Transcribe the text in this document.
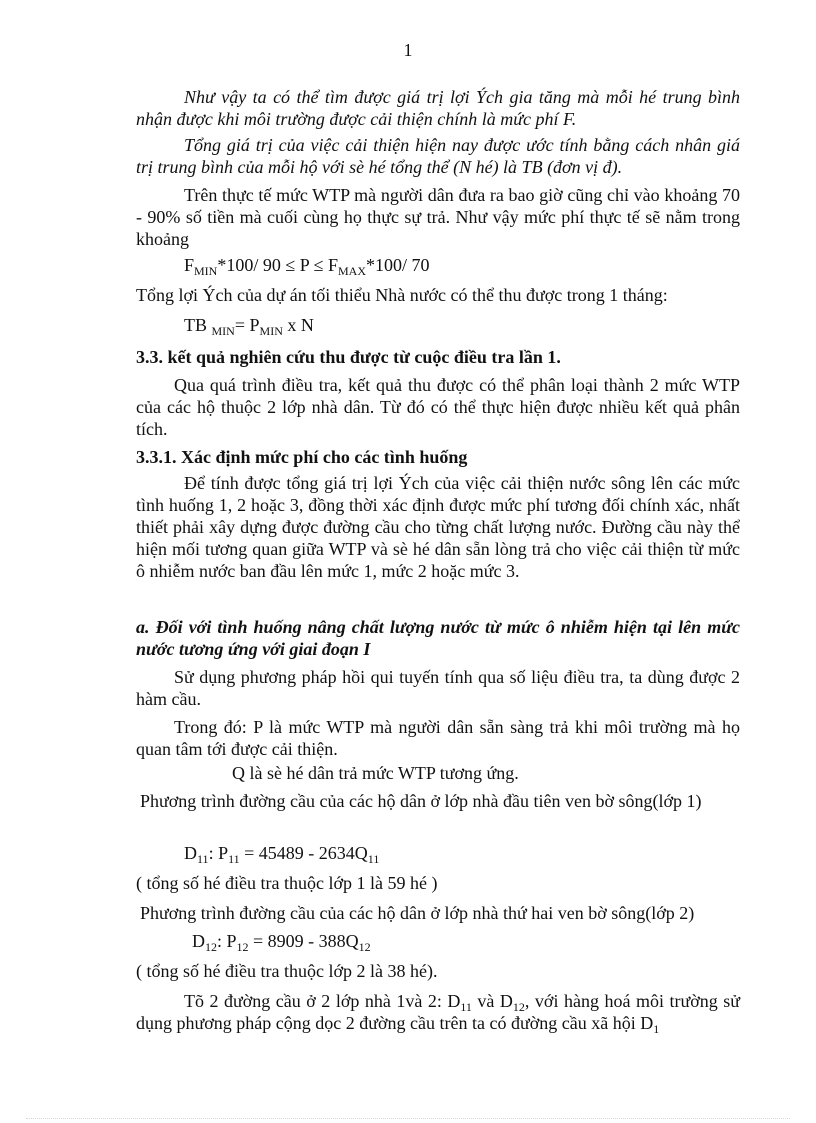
1

Như vậy ta có thể tìm được giá trị lợi Ých gia tăng mà mỗi hé trung bình nhận được khi môi trường được cải thiện chính là mức phí F.

Tổng giá trị của việc cải thiện hiện nay được ước tính bằng cách nhân giá trị trung bình của mỗi hộ với sè hé tổng thể (N hé) là TB (đơn vị đ).

Trên thực tế mức WTP mà người dân đưa ra bao giờ cũng chỉ vào khoảng 70 - 90% số tiền mà cuối cùng họ thực sự trả. Như vậy mức phí thực tế sẽ nằm trong khoảng

$F_{MIN}*100/$ $90 \le P \le F_{MAX}*100/$ 70

Tổng lợi Ých của dự án tối thiểu Nhà nước có thể thu được trong 1 tháng:

TB $_{MIN}= P_{MIN}$ x N

3.3. kết quả nghiên cứu thu được từ cuộc điều tra lần 1.

Qua quá trình điều tra, kết quả thu được có thể phân loại thành 2 mức WTP của các hộ thuộc 2 lớp nhà dân. Từ đó có thể thực hiện được nhiều kết quả phân tích.

3.3.1. Xác định mức phí cho các tình huống

Để tính được tổng giá trị lợi Ých của việc cải thiện nước sông lên các mức tình huống 1, 2 hoặc 3, đồng thời xác định được mức phí tương đối chính xác, nhất thiết phải xây dựng được đường cầu cho từng chất lượng nước. Đường cầu này thể hiện mối tương quan giữa WTP và sè hé dân sẵn lòng trả cho việc cải thiện từ mức ô nhiễm nước ban đầu lên mức 1, mức 2 hoặc mức 3.

a. Đối với tình huống nâng chất lượng nước từ mức ô nhiễm hiện tại lên mức nước tương ứng với giai đoạn I

Sử dụng phương pháp hồi qui tuyến tính qua số liệu điều tra, ta dùng được 2 hàm cầu.

Trong đó: P là mức WTP mà người dân sẵn sàng trả khi môi trường mà họ quan tâm tới được cải thiện.

Q là sè hé dân trả mức WTP tương ứng.

Phương trình đường cầu của các hộ dân ở lớp nhà đầu tiên ven bờ sông(lớp 1)

$D_{11}$: $P_{11} = 45489 - 2634Q_{11}$

( tổng số hé điều tra thuộc lớp 1 là 59 hé )

Phương trình đường cầu của các hộ dân ở lớp nhà thứ hai ven bờ sông(lớp 2)

$D_{12}$: $P_{12} = 8909 - 388Q_{12}$

( tổng số hé điều tra thuộc lớp 2 là 38 hé).

Tõ 2 đường cầu ở 2 lớp nhà 1và 2: $D_{11}$ và $D_{12}$, với hàng hoá môi trường sử dụng phương pháp cộng dọc 2 đường cầu trên ta có đường cầu xã hội $D_1$
